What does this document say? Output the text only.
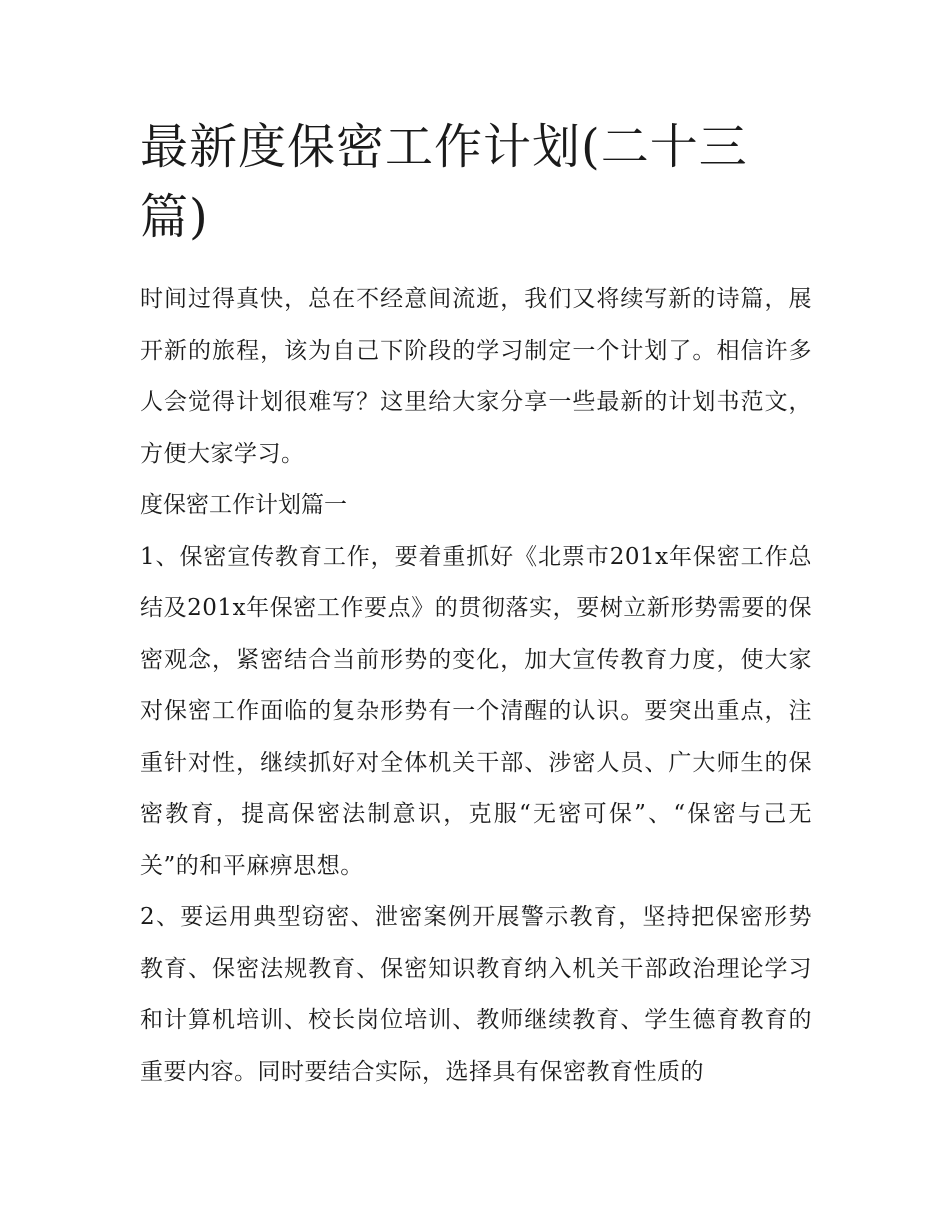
最新度保密工作计划(二十三篇)

时间过得真快，总在不经意间流逝，我们又将续写新的诗篇，展开新的旅程，该为自己下阶段的学习制定一个计划了。相信许多人会觉得计划很难写？这里给大家分享一些最新的计划书范文，方便大家学习。

度保密工作计划篇一

1、保密宣传教育工作，要着重抓好《北票市201x年保密工作总结及201x年保密工作要点》的贯彻落实，要树立新形势需要的保密观念，紧密结合当前形势的变化，加大宣传教育力度，使大家对保密工作面临的复杂形势有一个清醒的认识。要突出重点，注重针对性，继续抓好对全体机关干部、涉密人员、广大师生的保密教育，提高保密法制意识，克服“无密可保”、“保密与己无关”的和平麻痹思想。

2、要运用典型窃密、泄密案例开展警示教育，坚持把保密形势教育、保密法规教育、保密知识教育纳入机关干部政治理论学习和计算机培训、校长岗位培训、教师继续教育、学生德育教育的重要内容。同时要结合实际，选择具有保密教育性质的
